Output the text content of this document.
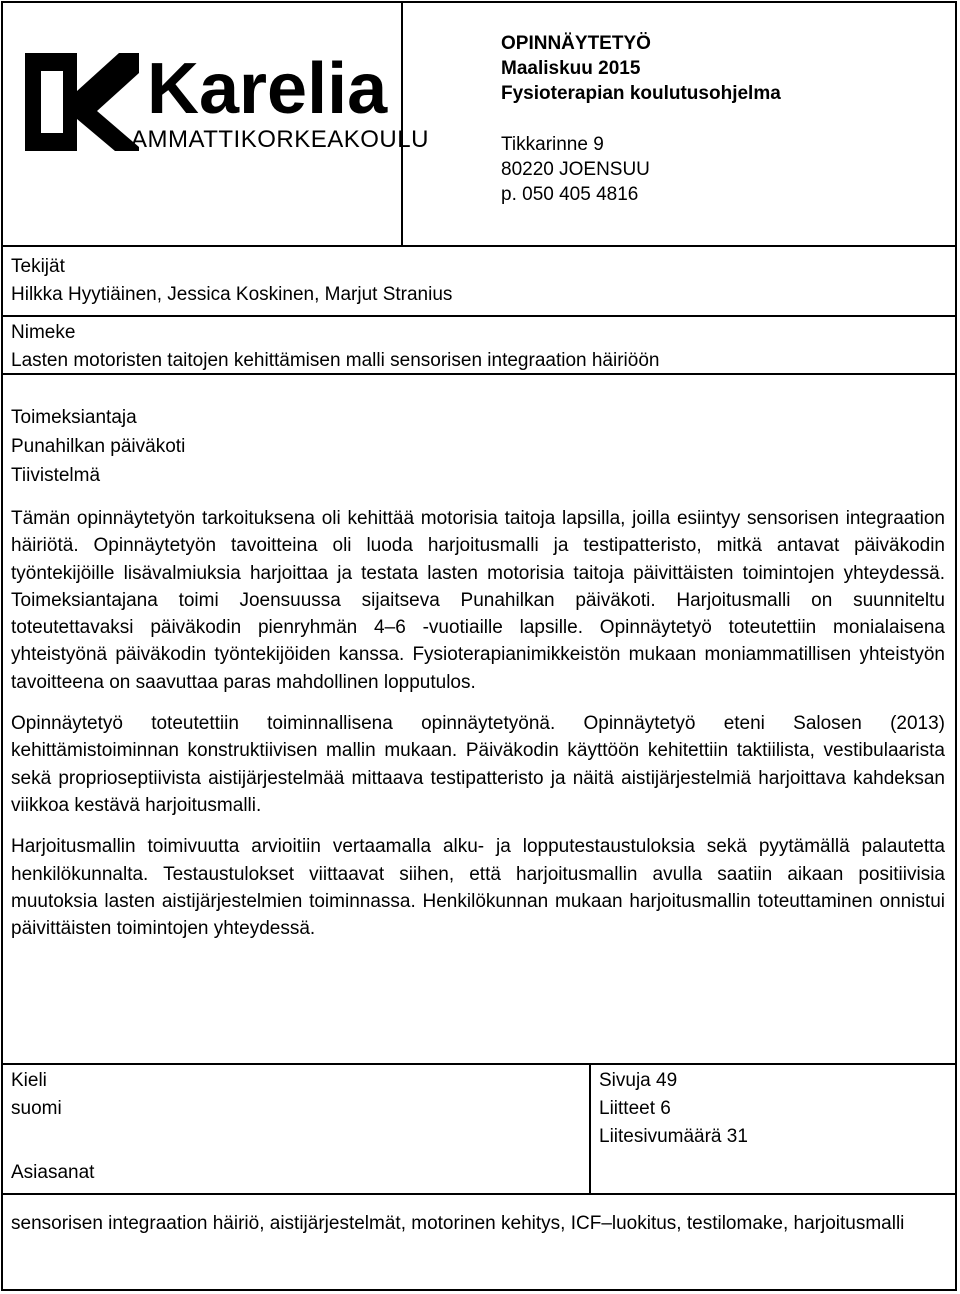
Karelia
AMMATTIKORKEAKOULU
OPINNÄYTETYÖ
Maaliskuu 2015
Fysioterapian koulutusohjelma
Tikkarinne 9
80220 JOENSUU
p. 050 405 4816
Tekijät
Hilkka Hyytiäinen, Jessica Koskinen, Marjut Stranius
Nimeke
Lasten motoristen taitojen kehittämisen malli sensorisen integraation häiriöön
Toimeksiantaja
Punahilkan päiväkoti
Tiivistelmä

Tämän opinnäytetyön tarkoituksena oli kehittää motorisia taitoja lapsilla, joilla esiintyy sensorisen integraation häiriötä. Opinnäytetyön tavoitteina oli luoda harjoitusmalli ja testipatteristo, mitkä antavat päiväkodin työntekijöille lisävalmiuksia harjoittaa ja testata lasten motorisia taitoja päivittäisten toimintojen yhteydessä. Toimeksiantajana toimi Joensuussa sijaitseva Punahilkan päiväkoti. Harjoitusmalli on suunniteltu toteutettavaksi päiväkodin pienryhmän 4–6 -vuotiaille lapsille. Opinnäytetyö toteutettiin monialaisena yhteistyönä päiväkodin työntekijöiden kanssa. Fysioterapianimikkeistön mukaan moniammatillisen yhteistyön tavoitteena on saavuttaa paras mahdollinen lopputulos.

Opinnäytetyö toteutettiin toiminnallisena opinnäytetyönä. Opinnäytetyö eteni Salosen (2013) kehittämistoiminnan konstruktiivisen mallin mukaan. Päiväkodin käyttöön kehitettiin taktiilista, vestibulaarista sekä proprioseptiivista aistijärjestelmää mittaava testipatteristo ja näitä aistijärjestelmiä harjoittava kahdeksan viikkoa kestävä harjoitusmalli.

Harjoitusmallin toimivuutta arvioitiin vertaamalla alku- ja lopputestaustuloksia sekä pyytämällä palautetta henkilökunnalta. Testaustulokset viittaavat siihen, että harjoitusmallin avulla saatiin aikaan positiivisia muutoksia lasten aistijärjestelmien toiminnassa. Henkilökunnan mukaan harjoitusmallin toteuttaminen onnistui päivittäisten toimintojen yhteydessä.

Kieli
suomi
Asiasanat
Sivuja 49
Liitteet 6
Liitesivumäärä 31
sensorisen integraation häiriö, aistijärjestelmät, motorinen kehitys, ICF–luokitus, testilomake, harjoitusmalli
